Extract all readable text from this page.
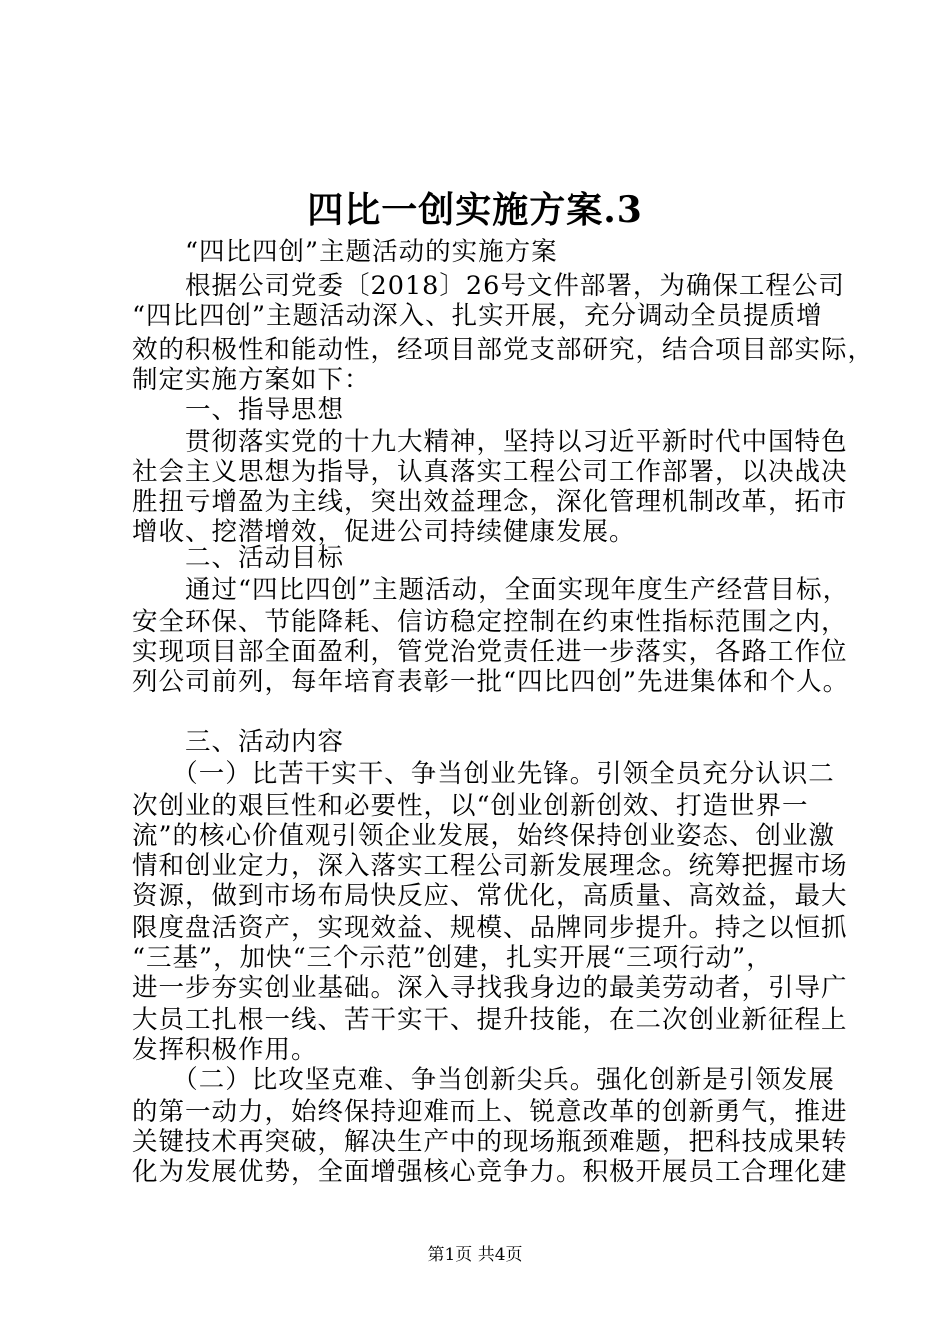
四比一创实施方案.3
　　“四比四创”主题活动的实施方案
　　根据公司党委〔2018〕26号文件部署，为确保工程公司
“四比四创”主题活动深入、扎实开展，充分调动全员提质增
效的积极性和能动性，经项目部党支部研究，结合项目部实际，
制定实施方案如下：
　　一、指导思想
　　贯彻落实党的十九大精神，坚持以习近平新时代中国特色
社会主义思想为指导，认真落实工程公司工作部署，以决战决
胜扭亏增盈为主线，突出效益理念，深化管理机制改革，拓市
增收、挖潜增效，促进公司持续健康发展。
　　二、活动目标
　　通过“四比四创”主题活动，全面实现年度生产经营目标，
安全环保、节能降耗、信访稳定控制在约束性指标范围之内，
实现项目部全面盈利，管党治党责任进一步落实，各路工作位
列公司前列，每年培育表彰一批“四比四创”先进集体和个人。
　　三、活动内容
　　（一）比苦干实干、争当创业先锋。引领全员充分认识二
次创业的艰巨性和必要性，以“创业创新创效、打造世界一
流”的核心价值观引领企业发展，始终保持创业姿态、创业激
情和创业定力，深入落实工程公司新发展理念。统筹把握市场
资源，做到市场布局快反应、常优化，高质量、高效益，最大
限度盘活资产，实现效益、规模、品牌同步提升。持之以恒抓
“三基”，加快“三个示范”创建，扎实开展“三项行动”，
进一步夯实创业基础。深入寻找我身边的最美劳动者，引导广
大员工扎根一线、苦干实干、提升技能，在二次创业新征程上
发挥积极作用。
　　（二）比攻坚克难、争当创新尖兵。强化创新是引领发展
的第一动力，始终保持迎难而上、锐意改革的创新勇气，推进
关键技术再突破，解决生产中的现场瓶颈难题，把科技成果转
化为发展优势，全面增强核心竞争力。积极开展员工合理化建
第1页 共4页
